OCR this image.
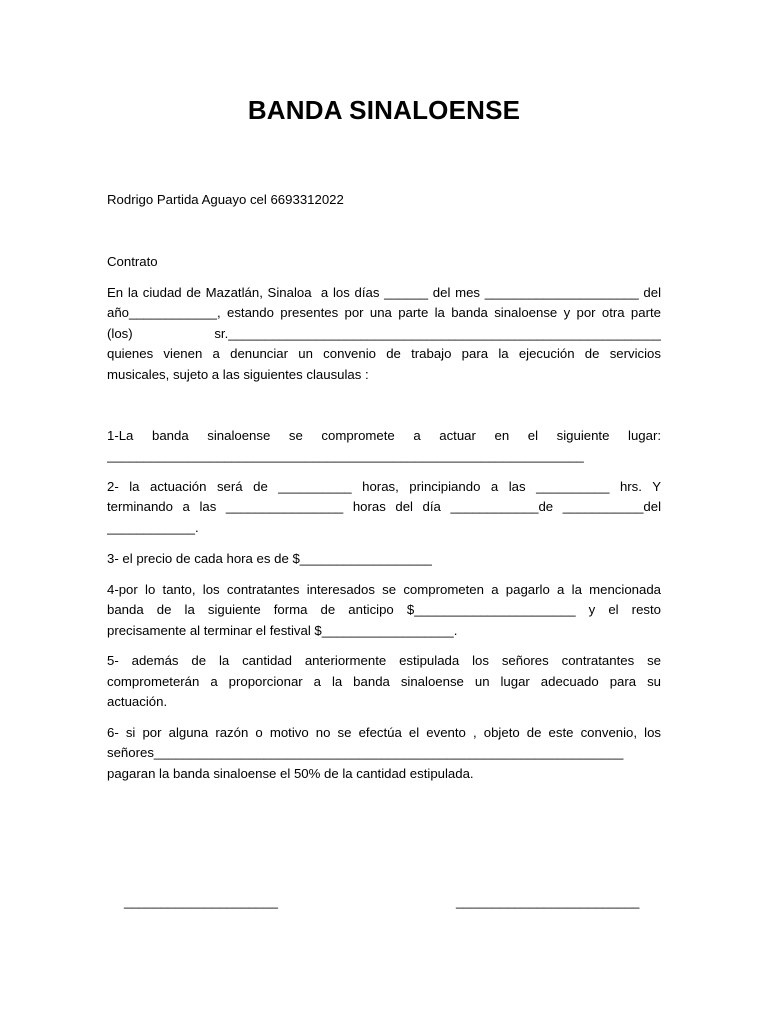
BANDA SINALOENSE
Rodrigo Partida Aguayo cel 6693312022
Contrato
En la ciudad de Mazatlán, Sinaloa  a los días ______ del mes _____________________ del
año____________, estando presentes por una parte la banda sinaloense y por otra parte
(los)          sr.___________________________________________________________
quienes vienen a denunciar un convenio de trabajo para la ejecución de servicios
musicales, sujeto a las siguientes clausulas :
1-La  banda  sinaloense  se  compromete  a  actuar  en  el  siguiente  lugar:
_________________________________________________________________
2-  la  actuación  será  de  __________  horas,  principiando  a  las  __________  hrs.  Y
terminando  a  las  ________________  horas  del  día  ____________de  ___________del
____________.
3- el precio de cada hora es de $__________________
4-por lo tanto, los contratantes interesados se comprometen a pagarlo a la mencionada
banda  de  la  siguiente  forma  de  anticipo  $______________________  y  el  resto
precisamente al terminar el festival $__________________.
5-  además  de  la  cantidad  anteriormente  estipulada  los  señores  contratantes  se
comprometerán  a  proporcionar  a  la  banda  sinaloense  un  lugar  adecuado  para  su
actuación.
6- si por alguna razón o motivo no se efectúa el evento , objeto de este convenio, los
señores________________________________________________________________
pagaran la banda sinaloense el 50% de la cantidad estipulada.
_____________________	_________________________
